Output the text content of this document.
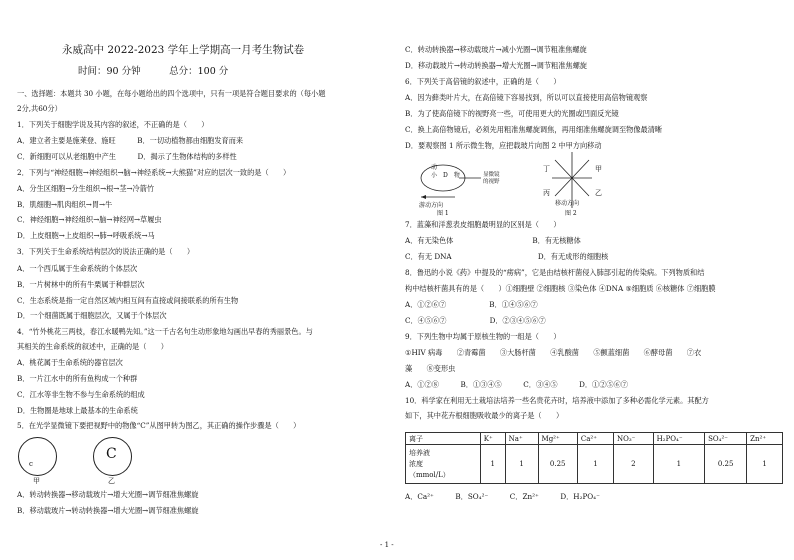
永威高中 2022-2023 学年上学期高一月考生物试卷
时间：90 分钟　　　总分：100 分
一、选择题：本题共 30 小题，在每小题给出的四个选项中，只有一项是符合题目要求的（每小题
2分,共60分）
1．下列关于细胞学说及其内容的叙述，不正确的是（　　）
A．建立者主要是施莱登、施旺　　　B．一切动植物都由细胞发育而来
C．新细胞可以从老细胞中产生　　　D．揭示了生物体结构的多样性
2．下列与“神经细胞→神经组织→脑→神经系统→大熊猫”对应的层次一致的是（　　）
A．分生区细胞→分生组织→根→茎→冷箭竹
B．肌细胞→肌肉组织→胃→牛
C．神经细胞→神经组织→脑→神经网→草履虫
D．上皮细胞→上皮组织→肺→呼吸系统→马
3．下列关于生命系统结构层次的说法正确的是（　　）
A．一个西瓜属于生命系统的个体层次
B．一片树林中的所有牛栗属于种群层次
C．生态系统是指一定自然区域内相互间有直接或间接联系的所有生物
D．一个细菌既属于细胞层次，又属于个体层次
4．“竹外桃花三两枝，春江水暖鸭先知。”这一千古名句生动形象地勾画出早春的秀丽景色。与
其相关的生命系统的叙述中，正确的是（　　）
A．桃花属于生命系统的器官层次
B．一片江水中的所有鱼构成一个种群
C．江水等非生物不参与生命系统的组成
D．生物圈是地球上最基本的生命系统
5．在光学显微镜下要把视野中的物像“C”从图甲转为图乙，其正确的操作步骤是（　　）
c
甲
C
乙
A．转动转换器→移动载玻片→增大光圈→调节细准焦螺旋
B．移动载玻片→转动转换器→增大光圈→调节细准焦螺旋
C．转动转换器→移动载玻片→减小光圈→调节粗准焦螺旋
D．移动载玻片→转动转换器→增大光圈→调节粗准焦螺旋
6．下列关于高倍镜的叙述中，正确的是（　　）
A．因为藓类叶片大，在高倍镜下容易找到，所以可以直接使用高倍物镜观察
B．为了使高倍镜下的视野亮一些，可使用更大的光圈或凹面反光镜
C．换上高倍物镜后，必须先用粗准焦螺旋调焦，再用细准焦螺旋调至物像最清晰
D．要观察图 1 所示微生物，应把载玻片向图 2 中甲方向移动
动
小　D　物	显微镜
的视野
游动方向
图 1
丁	甲
丙	乙
移动方向
图 2
7．蓝藻和洋葱表皮细胞最明显的区别是（　　）
A．有无染色体　　　　　　　　　　　B．有无核糖体
C．有无 DNA　　　　　　　　　　　　D．有无成形的细胞核
8．鲁迅的小说《药》中提及的“痨病”，它是由结核杆菌侵入肺部引起的传染病。下列物质和结
构中结核杆菌具有的是（　　）①细胞壁 ②细胞核 ③染色体 ④DNA ⑤细胞质 ⑥核糖体 ⑦细胞膜
A．①②⑥⑦　　　　　　B．①④⑤⑥⑦
C．④⑤⑥⑦　　　　　　D．②③④⑤⑥⑦
9．下列生物中均属于原核生物的一组是（　　）
①HIV 病毒　　②青霉菌　　③大肠杆菌　　④乳酸菌　　⑤颤蓝细菌　　⑥酵母菌　　⑦衣
藻　　⑧变形虫
A．①②⑧　　　B．①③④⑤　　　C．③④⑤　　　D．①②⑤⑥⑦
10．科学家在利用无土栽培法培养一些名贵花卉时，培养液中添加了多种必需化学元素。其配方
如下，其中花卉根细胞吸收最少的离子是（　　）
离子	K⁺	Na⁺	Mg²⁺	Ca²⁺	NO₃⁻	H₂PO₄⁻	SO₄²⁻	Zn²⁺
培养液
浓度
（mmol/L）	1	1	0.25	1	2	1	0.25	1
A．Ca²⁺　　　B．SO₄²⁻　　　C．Zn²⁺　　　D．H₂PO₄⁻
- 1 -
